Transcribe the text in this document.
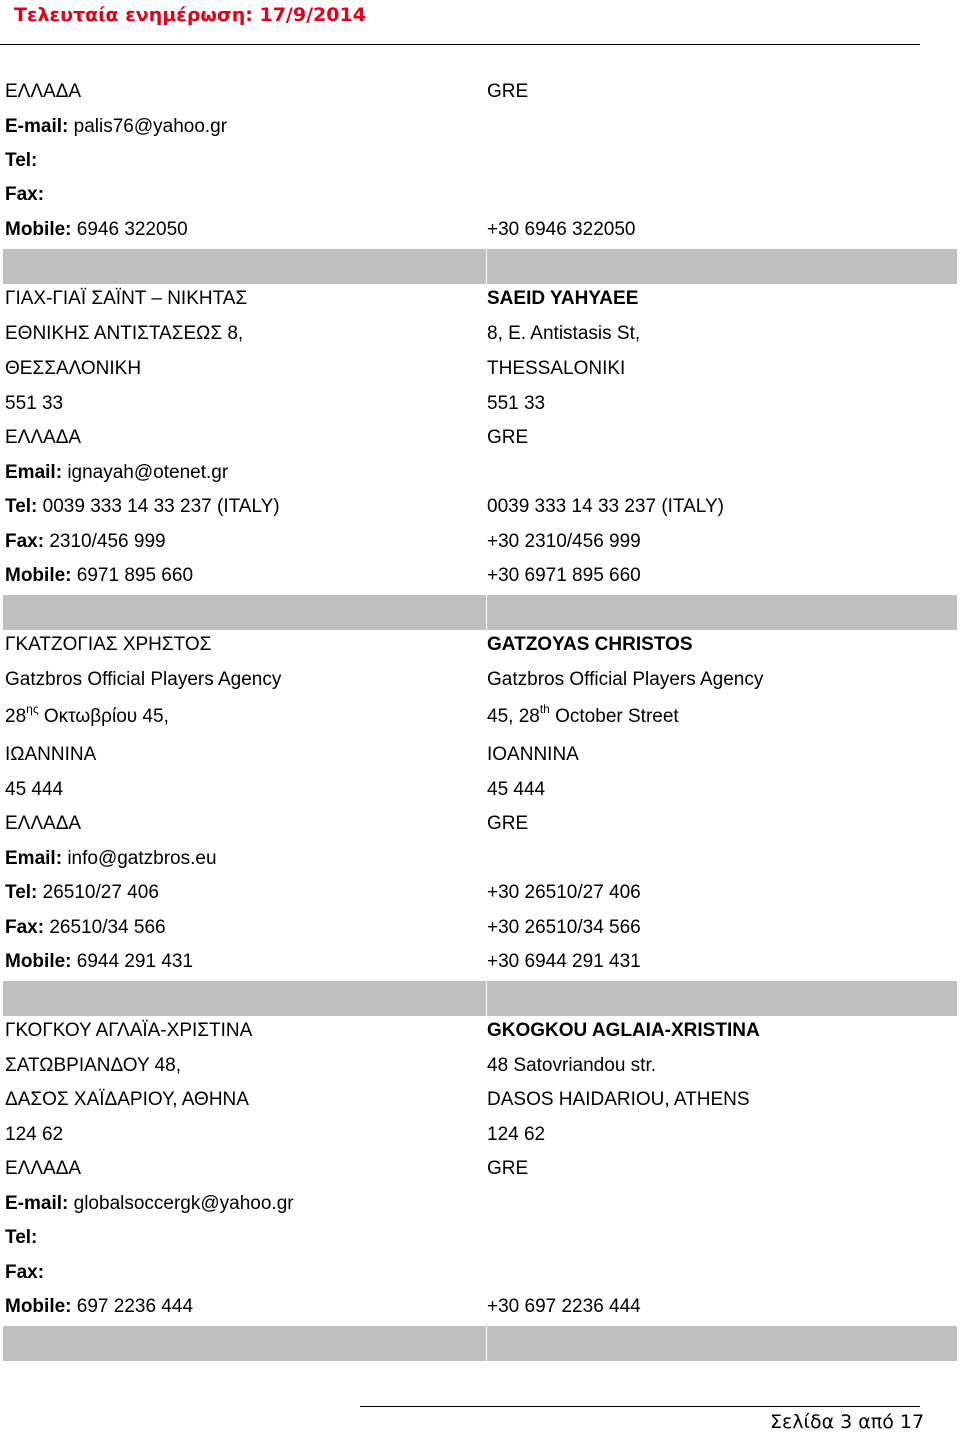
Τελευταία ενημέρωση: 17/9/2014
ΕΛΛΑΔΑ	GRE
E-mail: palis76@yahoo.gr
Tel:
Fax:
Mobile: 6946 322050	+30 6946 322050
ΓΙΑΧ-ΓΙΑΪ ΣΑΪΝΤ – ΝΙΚΗΤΑΣ	SAEID YAHYAEE
ΕΘΝΙΚΗΣ ΑΝΤΙΣΤΑΣΕΩΣ 8,	8, E. Antistasis St,
ΘΕΣΣΑΛΟΝΙΚΗ	THESSALONIKI
551 33	551 33
ΕΛΛΑΔΑ	GRE
Email: ignayah@otenet.gr
Tel: 0039 333 14 33 237 (ITALY)	0039 333 14 33 237 (ITALY)
Fax: 2310/456 999	+30 2310/456 999
Mobile: 6971 895 660	+30 6971 895 660
ΓΚΑΤΖΟΓΙΑΣ ΧΡΗΣΤΟΣ	GATZOYAS CHRISTOS
Gatzbros Official Players Agency	Gatzbros Official Players Agency
$28^{\eta\varsigma}$ Οκτωβρίου 45,	45, 28th October Street
ΙΩΑΝΝΙΝΑ	IOANNINA
45 444	45 444
ΕΛΛΑΔΑ	GRE
Email: info@gatzbros.eu
Tel: 26510/27 406	+30 26510/27 406
Fax: 26510/34 566	+30 26510/34 566
Mobile: 6944 291 431	+30 6944 291 431
ΓΚΟΓΚΟΥ ΑΓΛΑΪΑ-ΧΡΙΣΤΙΝΑ	GKOGKOU AGLAIA-XRISTINA
ΣΑΤΩΒΡΙΑΝΔΟΥ 48,	48 Satovriandou str.
ΔΑΣΟΣ ΧΑΪΔΑΡΙΟΥ, ΑΘΗΝΑ	DASOS HAIDARIOU, ATHENS
124 62	124 62
ΕΛΛΑΔΑ	GRE
E-mail: globalsoccergk@yahoo.gr
Tel:
Fax:
Mobile: 697 2236 444	+30 697 2236 444
Σελίδα 3 από 17
